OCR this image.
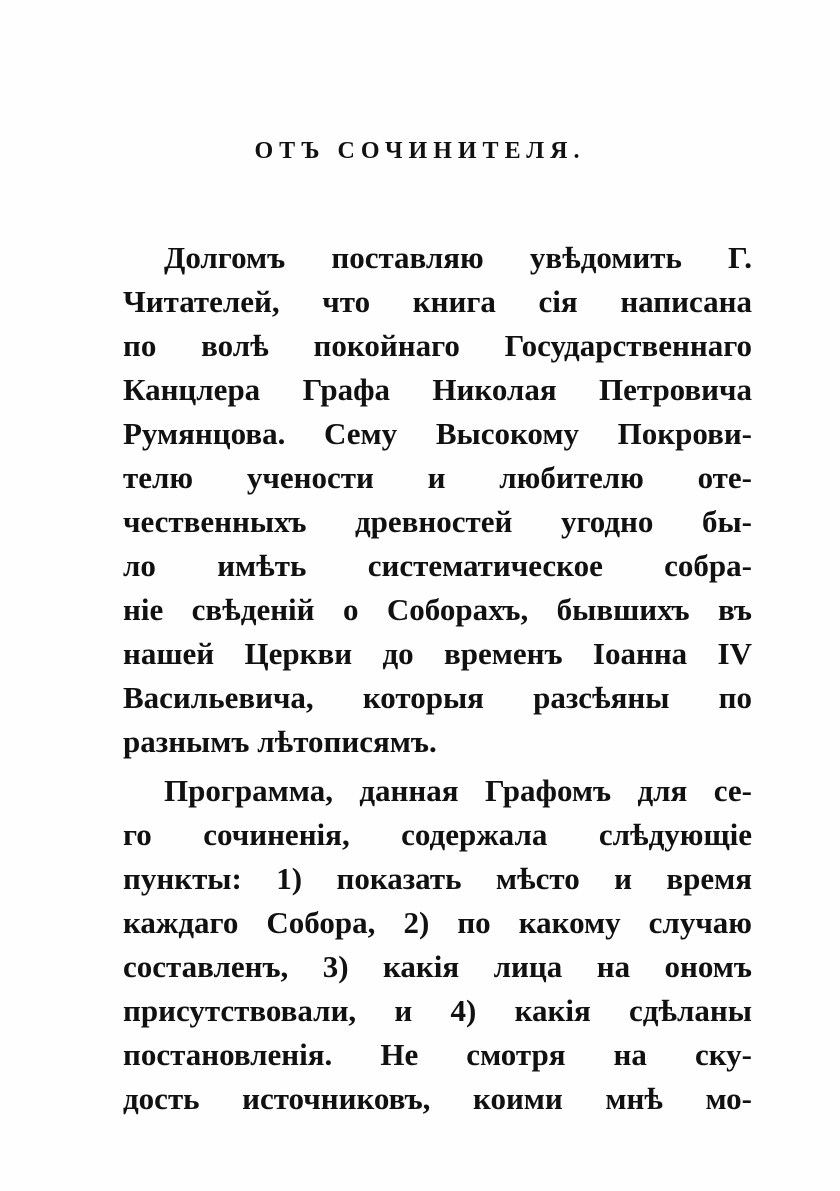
ОТЪ СОЧИНИТЕЛЯ.
Долгомъ поставляю увѣдомить Г.
Читателей, что книга сія написана
по волѣ покойнаго Государственнаго
Канцлера Графа Николая Петровича
Румянцова. Сему Высокому Покрови-
телю учености и любителю оте-
чественныхъ древностей угодно бы-
ло имѣть систематическое собра-
ніе свѣденій о Соборахъ, бывшихъ въ
нашей Церкви до временъ Іоанна IV
Васильевича, которыя разсѣяны по
разнымъ лѣтописямъ.
Программа, данная Графомъ для се-
го сочиненія, содержала слѣдующіе
пункты: 1) показать мѣсто и время
каждаго Собора, 2) по какому случаю
составленъ, 3) какія лица на ономъ
присутствовали, и 4) какія сдѣланы
постановленія. Не смотря на ску-
дость источниковъ, коими мнѣ мо-
